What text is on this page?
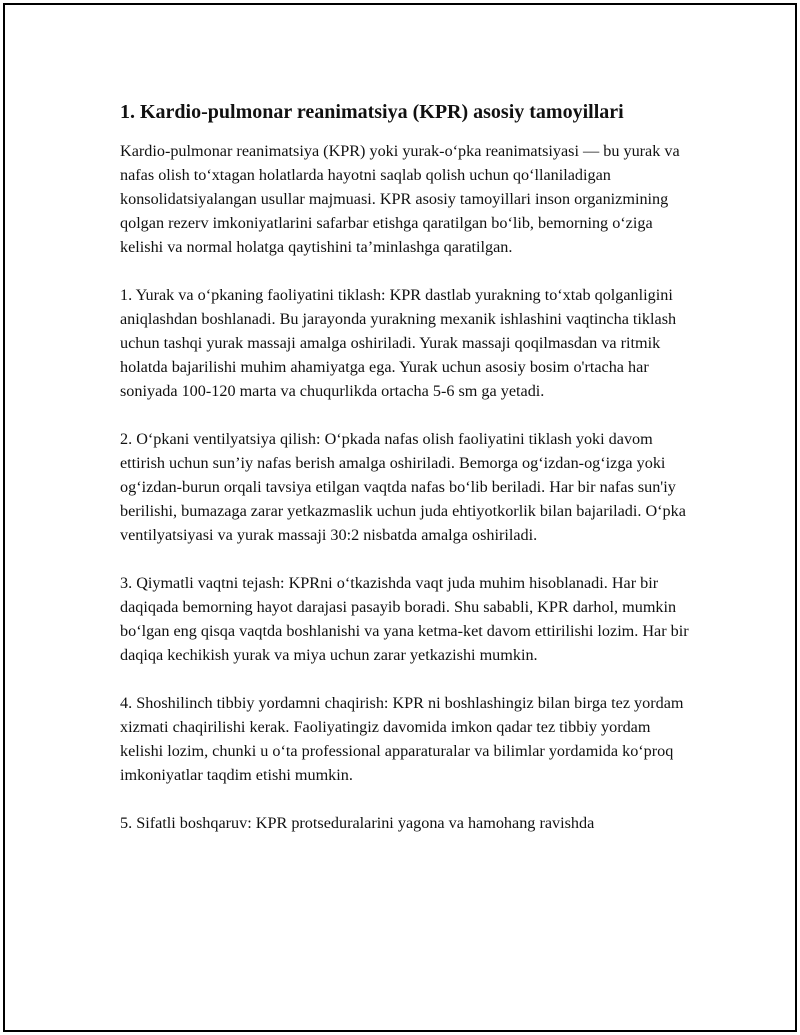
1. Kardio-pulmonar reanimatsiya (KPR) asosiy tamoyillari

Kardio-pulmonar reanimatsiya (KPR) yoki yurak-o‘pka reanimatsiyasi — bu yurak va nafas olish to‘xtagan holatlarda hayotni saqlab qolish uchun qo‘llaniladigan konsolidatsiyalangan usullar majmuasi. KPR asosiy tamoyillari inson organizmining qolgan rezerv imkoniyatlarini safarbar etishga qaratilgan bo‘lib, bemorning o‘ziga kelishi va normal holatga qaytishini ta’minlashga qaratilgan.

1. Yurak va o‘pkaning faoliyatini tiklash: KPR dastlab yurakning to‘xtab qolganligini aniqlashdan boshlanadi. Bu jarayonda yurakning mexanik ishlashini vaqtincha tiklash uchun tashqi yurak massaji amalga oshiriladi. Yurak massaji qoqilmasdan va ritmik holatda bajarilishi muhim ahamiyatga ega. Yurak uchun asosiy bosim o'rtacha har soniyada 100-120 marta va chuqurlikda ortacha 5-6 sm ga yetadi.

2. O‘pkani ventilyatsiya qilish: O‘pkada nafas olish faoliyatini tiklash yoki davom ettirish uchun sun’iy nafas berish amalga oshiriladi. Bemorga og‘izdan-og‘izga yoki og‘izdan-burun orqali tavsiya etilgan vaqtda nafas bo‘lib beriladi. Har bir nafas sun'iy berilishi, bumazaga zarar yetkazmaslik uchun juda ehtiyotkorlik bilan bajariladi. O‘pka ventilyatsiyasi va yurak massaji 30:2 nisbatda amalga oshiriladi.

3. Qiymatli vaqtni tejash: KPRni o‘tkazishda vaqt juda muhim hisoblanadi. Har bir daqiqada bemorning hayot darajasi pasayib boradi. Shu sababli, KPR darhol, mumkin bo‘lgan eng qisqa vaqtda boshlanishi va yana ketma-ket davom ettirilishi lozim. Har bir daqiqa kechikish yurak va miya uchun zarar yetkazishi mumkin.

4. Shoshilinch tibbiy yordamni chaqirish: KPR ni boshlashingiz bilan birga tez yordam xizmati chaqirilishi kerak. Faoliyatingiz davomida imkon qadar tez tibbiy yordam kelishi lozim, chunki u o‘ta professional apparaturalar va bilimlar yordamida ko‘proq imkoniyatlar taqdim etishi mumkin.

5. Sifatli boshqaruv: KPR protseduralarini yagona va hamohang ravishda
